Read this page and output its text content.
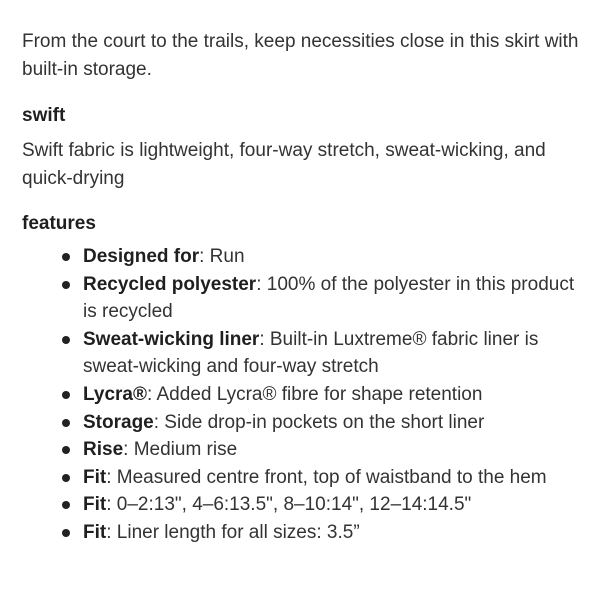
From the court to the trails, keep necessities close in this skirt with built-in storage.

swift

Swift fabric is lightweight, four-way stretch, sweat-wicking, and quick-drying

features
Designed for: Run
Recycled polyester: 100% of the polyester in this product is recycled
Sweat-wicking liner: Built-in Luxtreme® fabric liner is sweat-wicking and four-way stretch
Lycra®: Added Lycra® fibre for shape retention
Storage: Side drop-in pockets on the short liner
Rise: Medium rise
Fit: Measured centre front, top of waistband to the hem
Fit: 0–2:13", 4–6:13.5", 8–10:14", 12–14:14.5"
Fit: Liner length for all sizes: 3.5”
